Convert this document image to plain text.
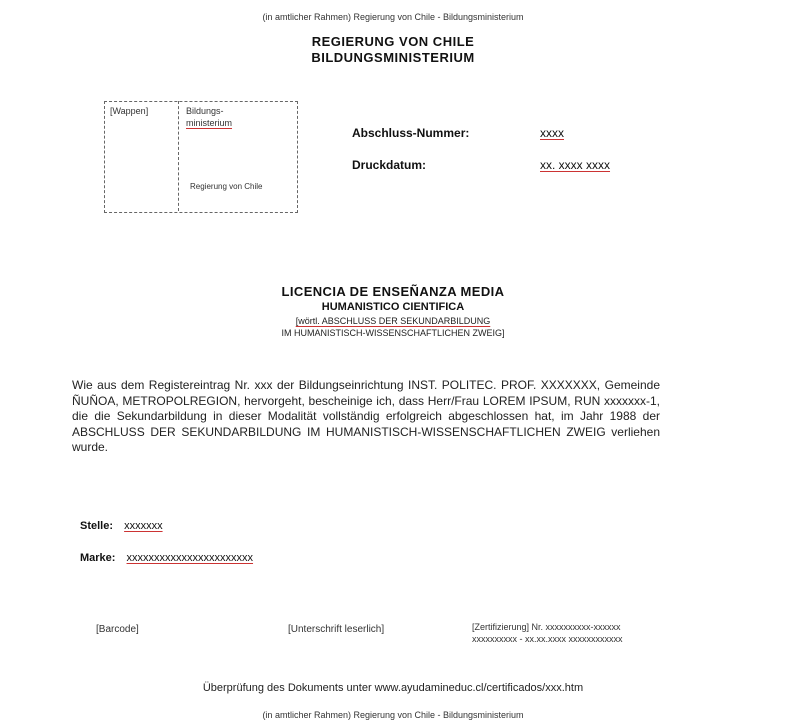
(in amtlicher Rahmen) Regierung von Chile - Bildungsministerium
REGIERUNG VON CHILE
BILDUNGSMINISTERIUM
[Wappen]	Bildungs-
ministerium
Regierung von Chile
Abschluss-Nummer:	xxxx
Druckdatum:	xx. xxxx xxxx
LICENCIA DE ENSEÑANZA MEDIA
HUMANISTICO CIENTIFICA
[wörtl. ABSCHLUSS DER SEKUNDARBILDUNG
IM HUMANISTISCH-WISSENSCHAFTLICHEN ZWEIG]
Wie aus dem Registereintrag Nr. xxx der Bildungseinrichtung INST. POLITEC. PROF. XXXXXXX, Gemeinde ÑUÑOA, METROPOLREGION, hervorgeht, bescheinige ich, dass Herr/Frau LOREM IPSUM, RUN xxxxxxx-1, die die Sekundarbildung in dieser Modalität vollständig erfolgreich abgeschlossen hat, im Jahr 1988 der ABSCHLUSS DER SEKUNDARBILDUNG IM HUMANISTISCH-WISSENSCHAFTLICHEN ZWEIG verliehen wurde.
Stelle: xxxxxxx
Marke: xxxxxxxxxxxxxxxxxxxxxxx
[Barcode]	[Unterschrift leserlich]	[Zertifizierung] Nr. xxxxxxxxxx-xxxxxx
xxxxxxxxxx - xx.xx.xxxx xxxxxxxxxxxx
Überprüfung des Dokuments unter www.ayudamineduc.cl/certificados/xxx.htm
(in amtlicher Rahmen) Regierung von Chile - Bildungsministerium
